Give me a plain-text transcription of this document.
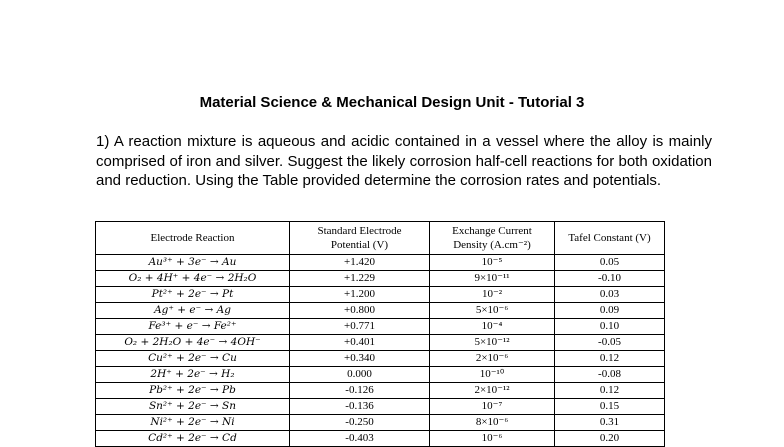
Material Science & Mechanical Design Unit - Tutorial 3
1) A reaction mixture is aqueous and acidic contained in a vessel where the alloy is mainly comprised of iron and silver. Suggest the likely corrosion half-cell reactions for both oxidation and reduction. Using the Table provided determine the corrosion rates and potentials.
Electrode Reaction	Standard Electrode Potential (V)	Exchange Current Density (A.cm⁻²)	Tafel Constant (V)
Au³⁺ + 3e⁻ → Au	+1.420	10⁻⁵	0.05
O₂ + 4H⁺ + 4e⁻ → 2H₂O	+1.229	9×10⁻¹¹	-0.10
Pt²⁺ + 2e⁻ → Pt	+1.200	10⁻²	0.03
Ag⁺ + e⁻ → Ag	+0.800	5×10⁻⁶	0.09
Fe³⁺ + e⁻ → Fe²⁺	+0.771	10⁻⁴	0.10
O₂ + 2H₂O + 4e⁻ → 4OH⁻	+0.401	5×10⁻¹²	-0.05
Cu²⁺ + 2e⁻ → Cu	+0.340	2×10⁻⁶	0.12
2H⁺ + 2e⁻ → H₂	0.000	10⁻¹⁰	-0.08
Pb²⁺ + 2e⁻ → Pb	-0.126	2×10⁻¹²	0.12
Sn²⁺ + 2e⁻ → Sn	-0.136	10⁻⁷	0.15
Ni²⁺ + 2e⁻ → Ni	-0.250	8×10⁻⁶	0.31
Cd²⁺ + 2e⁻ → Cd	-0.403	10⁻⁶	0.20
